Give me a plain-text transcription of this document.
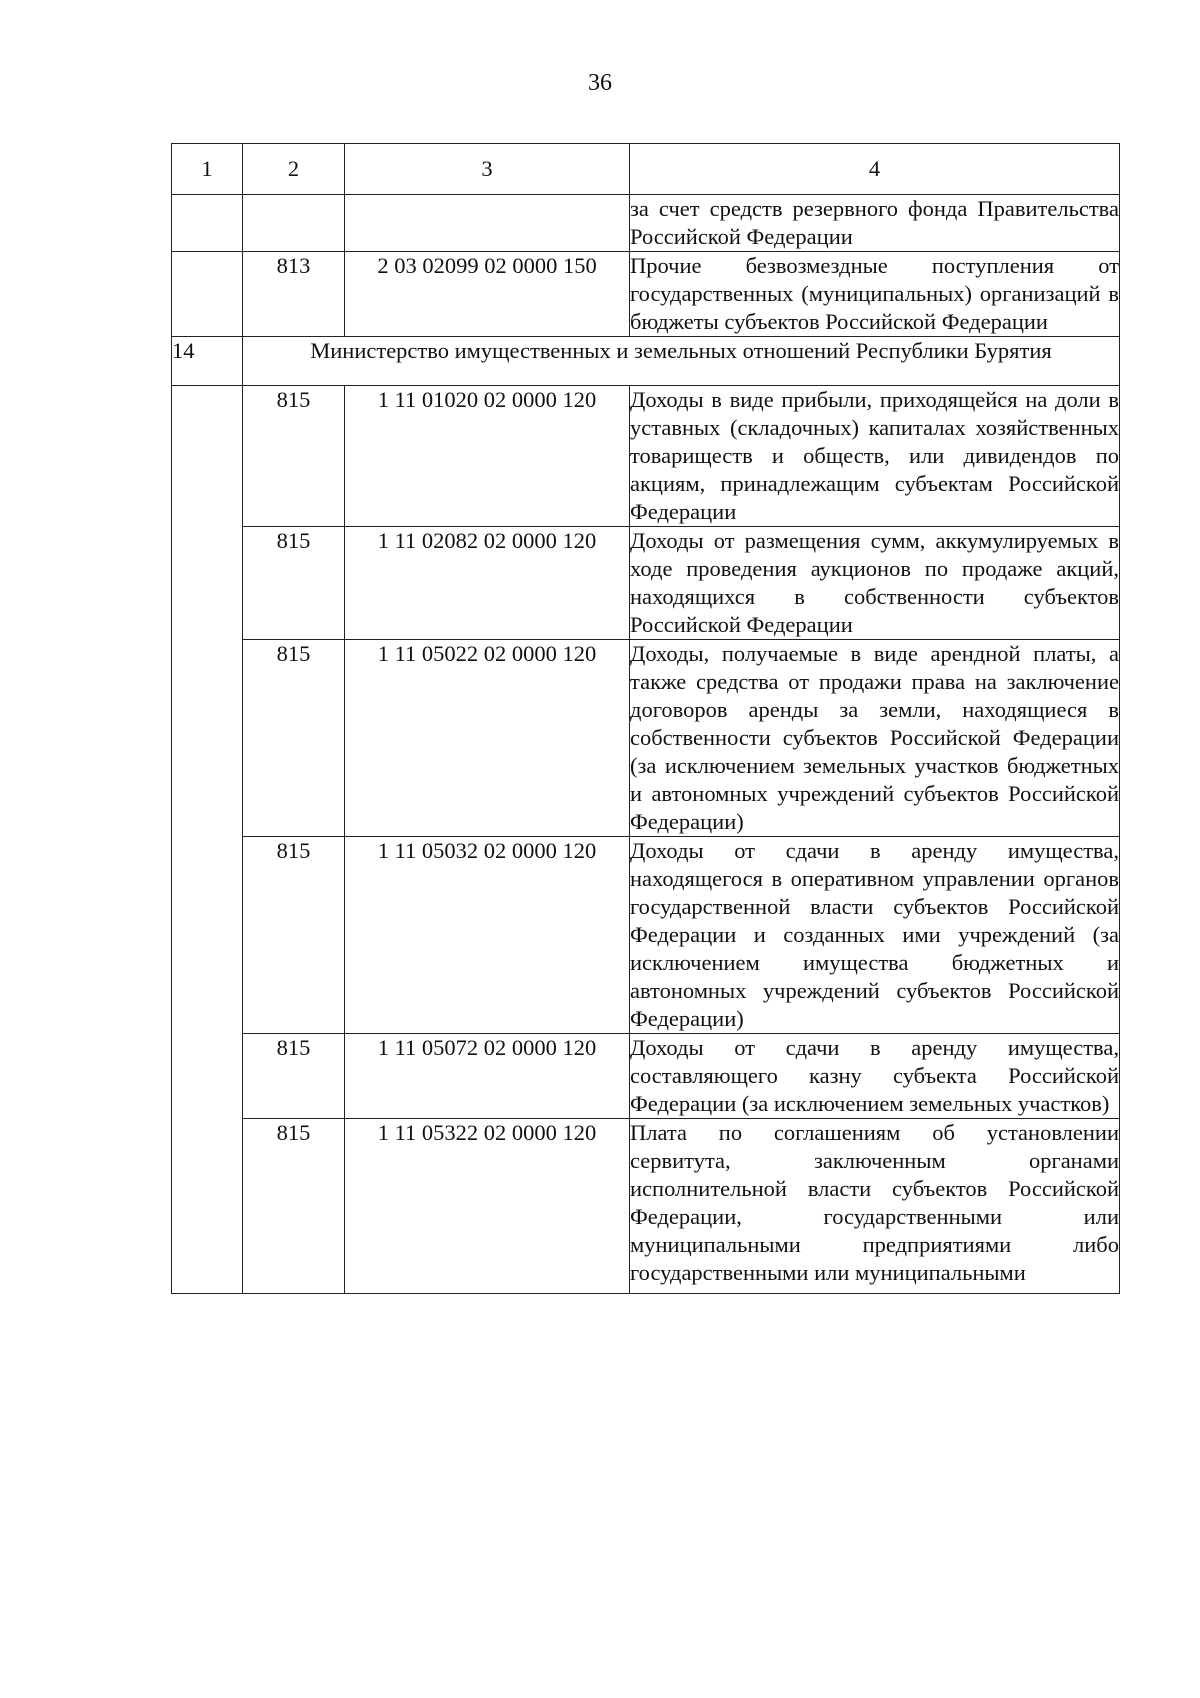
36
1	2	3	4
			за счет средств резервного фонда Правительства Российской Федерации
	813	2 03 02099 02 0000 150	Прочие безвозмездные поступления от государственных (муниципальных) организаций в бюджеты субъектов Российской Федерации
14	Министерство имущественных и земельных отношений Республики Бурятия		
	815	1 11 01020 02 0000 120	Доходы в виде прибыли, приходящейся на доли в уставных (складочных) капиталах хозяйственных товариществ и обществ, или дивидендов по акциям, принадлежащим субъектам Российской Федерации
	815	1 11 02082 02 0000 120	Доходы от размещения сумм, аккумулируемых в ходе проведения аукционов по продаже акций, находящихся в собственности субъектов Российской Федерации
	815	1 11 05022 02 0000 120	Доходы, получаемые в виде арендной платы, а также средства от продажи права на заключение договоров аренды за земли, находящиеся в собственности субъектов Российской Федерации (за исключением земельных участков бюджетных и автономных учреждений субъектов Российской Федерации)
	815	1 11 05032 02 0000 120	Доходы от сдачи в аренду имущества, находящегося в оперативном управлении органов государственной власти субъектов Российской Федерации и созданных ими учреждений (за исключением имущества бюджетных и автономных учреждений субъектов Российской Федерации)
	815	1 11 05072 02 0000 120	Доходы от сдачи в аренду имущества, составляющего казну субъекта Российской Федерации (за исключением земельных участков)
	815	1 11 05322 02 0000 120	Плата по соглашениям об установлении сервитута, заключенным органами исполнительной власти субъектов Российской Федерации, государственными или муниципальными предприятиями либо государственными или муниципальными
